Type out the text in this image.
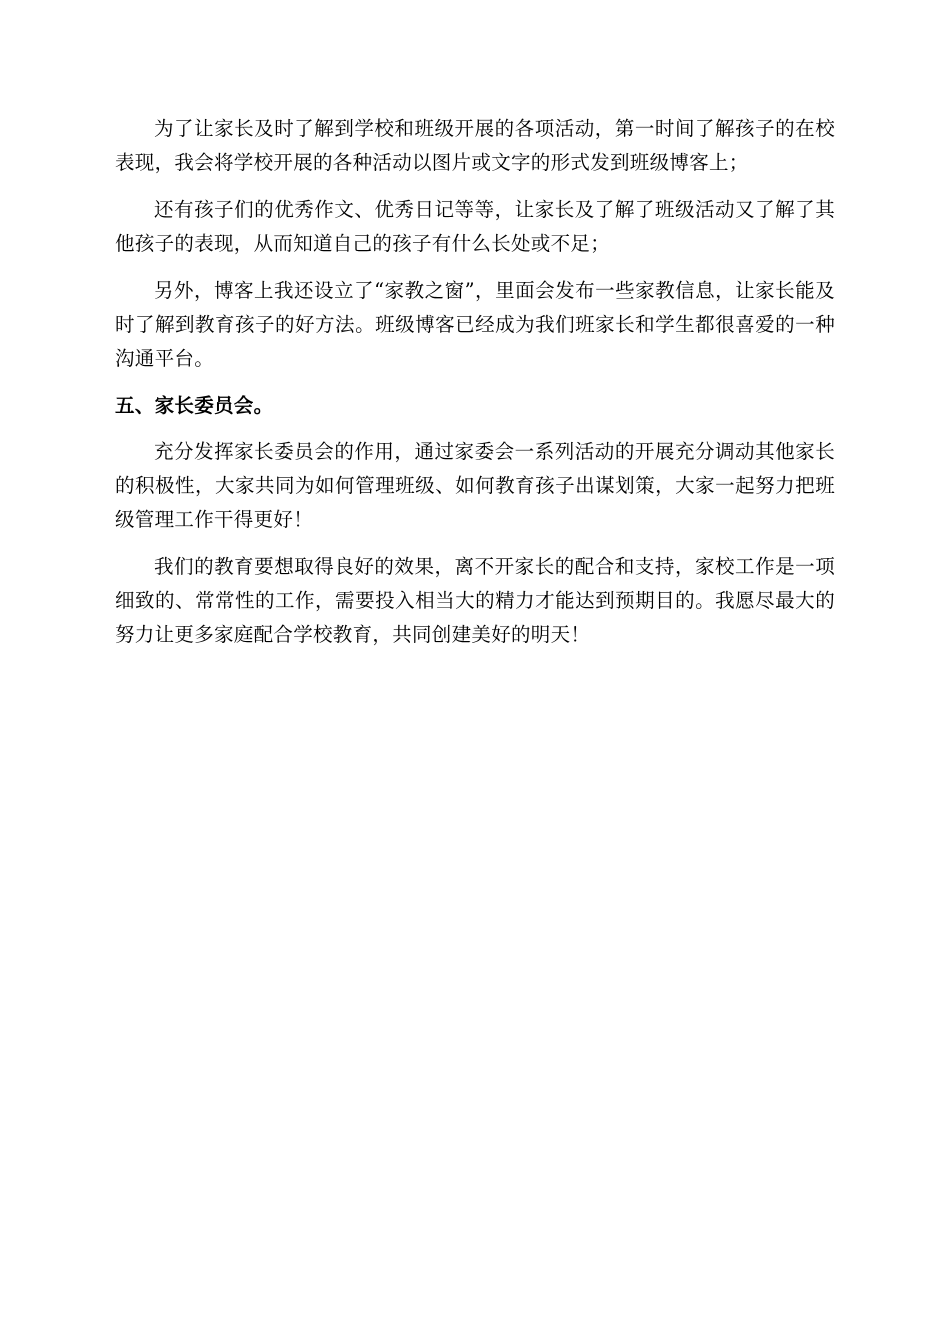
为了让家长及时了解到学校和班级开展的各项活动，第一时间了解孩子的在校表现，我会将学校开展的各种活动以图片或文字的形式发到班级博客上；

还有孩子们的优秀作文、优秀日记等等，让家长及了解了班级活动又了解了其他孩子的表现，从而知道自己的孩子有什么长处或不足；

另外，博客上我还设立了“家教之窗”，里面会发布一些家教信息，让家长能及时了解到教育孩子的好方法。班级博客已经成为我们班家长和学生都很喜爱的一种沟通平台。

五、家长委员会。

充分发挥家长委员会的作用，通过家委会一系列活动的开展充分调动其他家长的积极性，大家共同为如何管理班级、如何教育孩子出谋划策，大家一起努力把班级管理工作干得更好！

我们的教育要想取得良好的效果，离不开家长的配合和支持，家校工作是一项细致的、常常性的工作，需要投入相当大的精力才能达到预期目的。我愿尽最大的努力让更多家庭配合学校教育，共同创建美好的明天！
